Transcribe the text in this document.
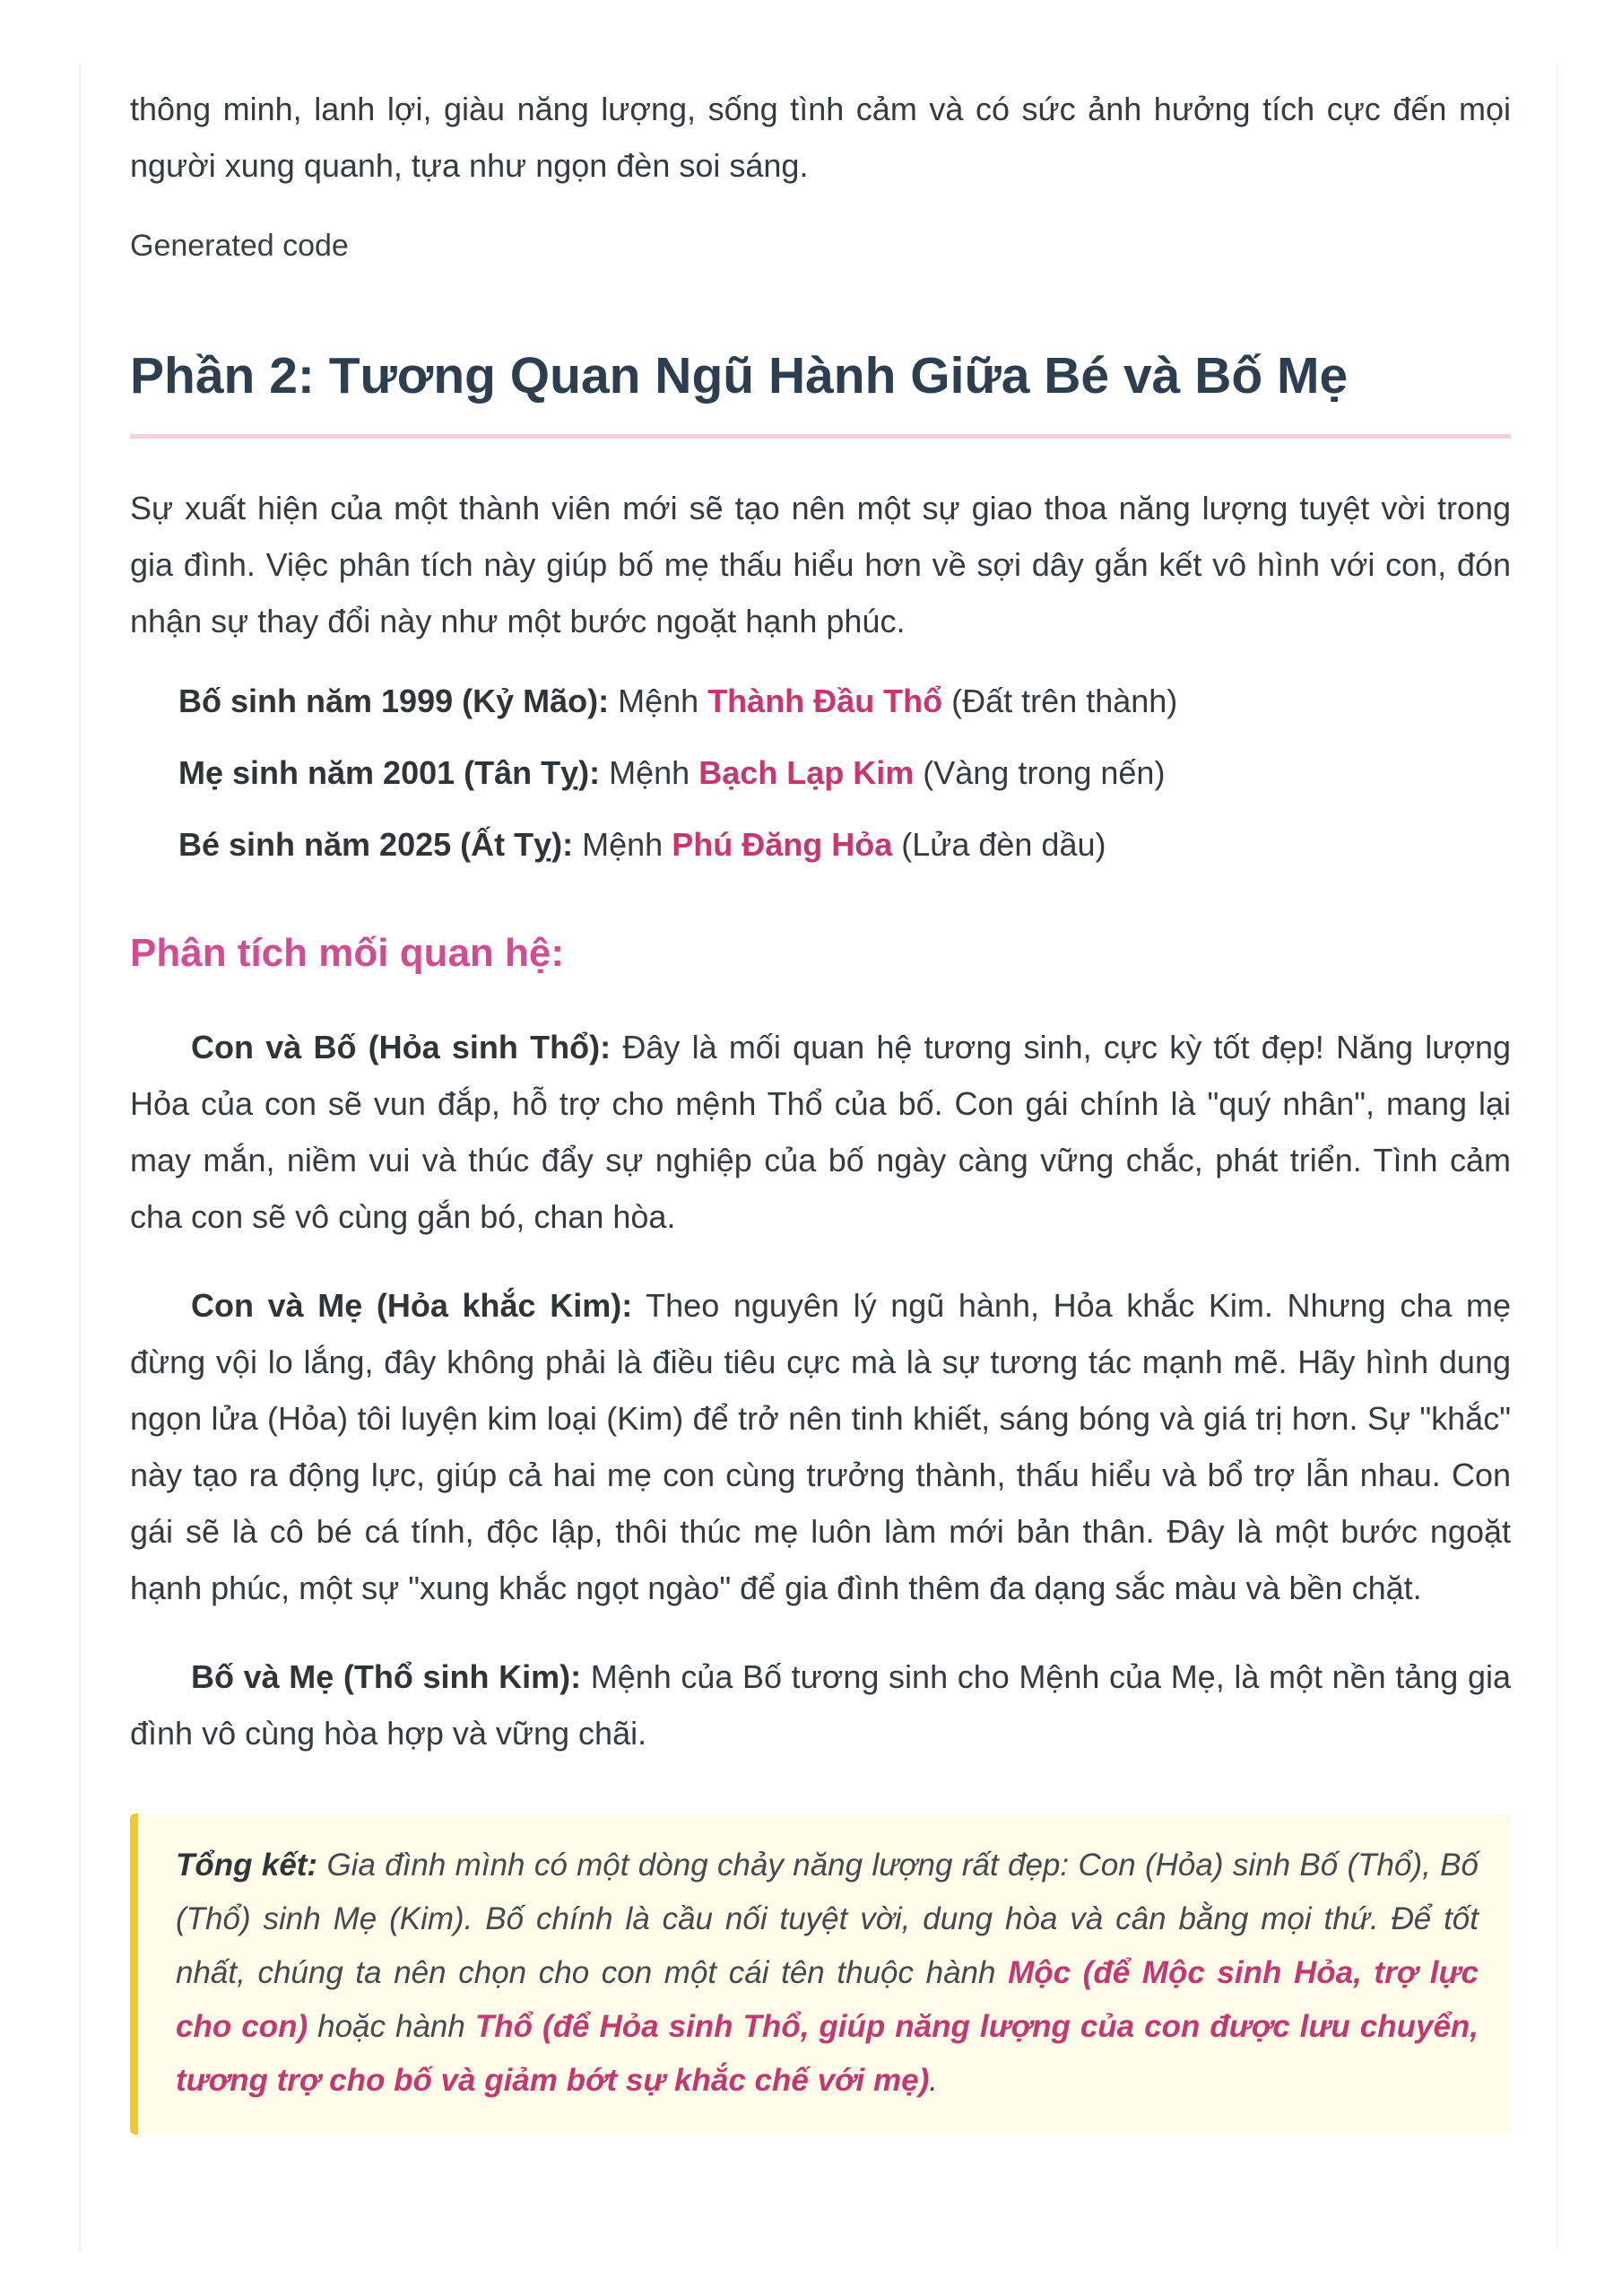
thông minh, lanh lợi, giàu năng lượng, sống tình cảm và có sức ảnh hưởng tích cực đến mọi

người xung quanh, tựa như ngọn đèn soi sáng.

Generated code

Phần 2: Tương Quan Ngũ Hành Giữa Bé và Bố Mẹ

Sự xuất hiện của một thành viên mới sẽ tạo nên một sự giao thoa năng lượng tuyệt vời trong gia đình. Việc phân tích này giúp bố mẹ thấu hiểu hơn về sợi dây gắn kết vô hình với con, đón nhận sự thay đổi này như một bước ngoặt hạnh phúc.

Bố sinh năm 1999 (Kỷ Mão): Mệnh Thành Đầu Thổ (Đất trên thành)
Mẹ sinh năm 2001 (Tân Tỵ): Mệnh Bạch Lạp Kim (Vàng trong nến)
Bé sinh năm 2025 (Ất Tỵ): Mệnh Phú Đăng Hỏa (Lửa đèn dầu)
Phân tích mối quan hệ:

Con và Bố (Hỏa sinh Thổ): Đây là mối quan hệ tương sinh, cực kỳ tốt đẹp! Năng lượng Hỏa của con sẽ vun đắp, hỗ trợ cho mệnh Thổ của bố. Con gái chính là "quý nhân", mang lại may mắn, niềm vui và thúc đẩy sự nghiệp của bố ngày càng vững chắc, phát triển. Tình cảm cha con sẽ vô cùng gắn bó, chan hòa.

Con và Mẹ (Hỏa khắc Kim): Theo nguyên lý ngũ hành, Hỏa khắc Kim. Nhưng cha mẹ đừng vội lo lắng, đây không phải là điều tiêu cực mà là sự tương tác mạnh mẽ. Hãy hình dung ngọn lửa (Hỏa) tôi luyện kim loại (Kim) để trở nên tinh khiết, sáng bóng và giá trị hơn. Sự "khắc" này tạo ra động lực, giúp cả hai mẹ con cùng trưởng thành, thấu hiểu và bổ trợ lẫn nhau. Con gái sẽ là cô bé cá tính, độc lập, thôi thúc mẹ luôn làm mới bản thân. Đây là một bước ngoặt hạnh phúc, một sự "xung khắc ngọt ngào" để gia đình thêm đa dạng sắc màu và bền chặt.

Bố và Mẹ (Thổ sinh Kim): Mệnh của Bố tương sinh cho Mệnh của Mẹ, là một nền tảng gia đình vô cùng hòa hợp và vững chãi.

Tổng kết: Gia đình mình có một dòng chảy năng lượng rất đẹp: Con (Hỏa) sinh Bố (Thổ), Bố (Thổ) sinh Mẹ (Kim). Bố chính là cầu nối tuyệt vời, dung hòa và cân bằng mọi thứ. Để tốt nhất, chúng ta nên chọn cho con một cái tên thuộc hành Mộc (để Mộc sinh Hỏa, trợ lực cho con) hoặc hành Thổ (để Hỏa sinh Thổ, giúp năng lượng của con được lưu chuyển, tương trợ cho bố và giảm bớt sự khắc chế với mẹ).
